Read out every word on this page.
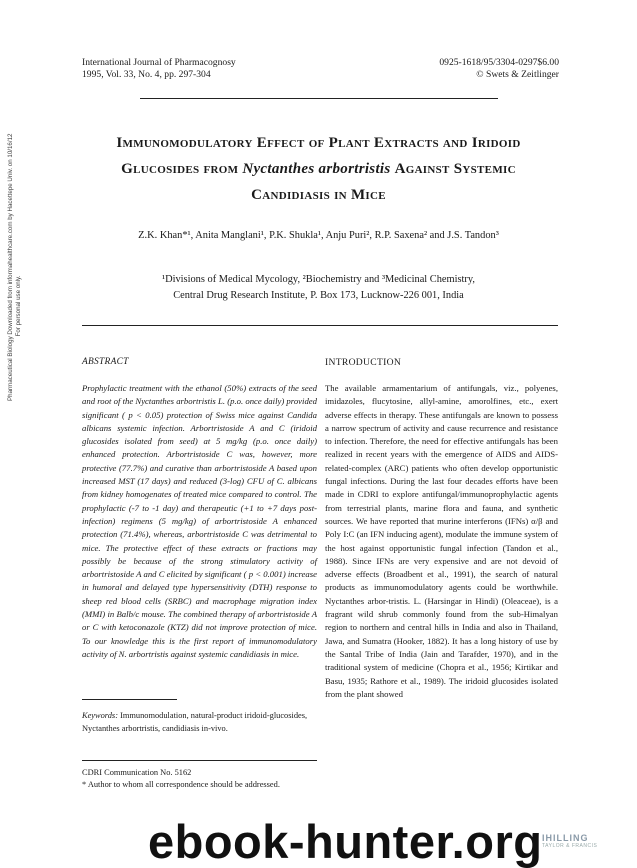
International Journal of Pharmacognosy
1995, Vol. 33, No. 4, pp. 297-304
0925-1618/95/3304-0297$6.00
© Swets & Zeitlinger
Immunomodulatory Effect of Plant Extracts and Iridoid
Glucosides from Nyctanthes arbortristis Against Systemic
Candidiasis in Mice
Z.K. Khan*¹, Anita Manglani¹, P.K. Shukla¹, Anju Puri², R.P. Saxena² and J.S. Tandon³
¹Divisions of Medical Mycology, ²Biochemistry and ³Medicinal Chemistry,
Central Drug Research Institute, P. Box 173, Lucknow-226 001, India
Pharmaceutical Biology Downloaded from informahealthcare.com by Hacettepe Univ. on 10/16/12 For personal use only.
ABSTRACT
Prophylactic treatment with the ethanol (50%) extracts of the seed and root of the Nyctanthes arbortristis L. (p.o. once daily) provided significant ( p < 0.05) protection of Swiss mice against Candida albicans systemic infection. Arbortristoside A and C (iridoid glucosides isolated from seed) at 5 mg/kg (p.o. once daily) enhanced protection. Arbortristoside C was, however, more protective (77.7%) and curative than arbortristoside A based upon increased MST (17 days) and reduced (3-log) CFU of C. albicans from kidney homogenates of treated mice compared to control. The prophylactic (-7 to -1 day) and therapeutic (+1 to +7 days post-infection) regimens (5 mg/kg) of arbortristoside A enhanced protection (71.4%), whereas, arbortristoside C was detrimental to mice. The protective effect of these extracts or fractions may possibly be because of the strong stimulatory activity of arbortristoside A and C elicited by significant ( p < 0.001) increase in humoral and delayed type hypersensitivity (DTH) response to sheep red blood cells (SRBC) and macrophage migration index (MMI) in Balb/c mouse. The combined therapy of arbortristoside A or C with ketoconazole (KTZ) did not improve protection of mice. To our knowledge this is the first report of immunomodulatory activity of N. arbortristis against systemic candidiasis in mice.
Keywords: Immunomodulation, natural-product iridoid-glucosides, Nyctanthes arbortristis, candidiasis in-vivo.
CDRI Communication No. 5162
* Author to whom all correspondence should be addressed.
INTRODUCTION
The available armamentarium of antifungals, viz., polyenes, imidazoles, flucytosine, allyl-amine, amorolfines, etc., exert adverse effects in therapy. These antifungals are known to possess a narrow spectrum of activity and cause recurrence and resistance to infection. Therefore, the need for effective antifungals has been realized in recent years with the emergence of AIDS and AIDS-related-complex (ARC) patients who often develop opportunistic fungal infections. During the last four decades efforts have been made in CDRI to explore antifungal/immunoprophylactic agents from terrestrial plants, marine flora and fauna, and synthetic sources. We have reported that murine interferons (IFNs) α/β and Poly I:C (an IFN inducing agent), modulate the immune system of the host against opportunistic fungal infection (Tandon et al., 1988). Since IFNs are very expensive and are not devoid of adverse effects (Broadbent et al., 1991), the search of natural products as immunomodulatory agents could be worthwhile. Nyctanthes arbor-tristis. L. (Harsingar in Hindi) (Oleaceae), is a fragrant wild shrub commonly found from the sub-Himalyan region to northern and central hills in India and also in Thailand, Jawa, and Sumatra (Hooker, 1882). It has a long history of use by the Santal Tribe of India (Jain and Tarafder, 1970), and in the traditional system of medicine (Chopra et al., 1956; Kirtikar and Basu, 1935; Rathore et al., 1989). The iridoid glucosides isolated from the plant showed
ebook-hunter.org IHILLING
TAYLOR & FRANCIS
